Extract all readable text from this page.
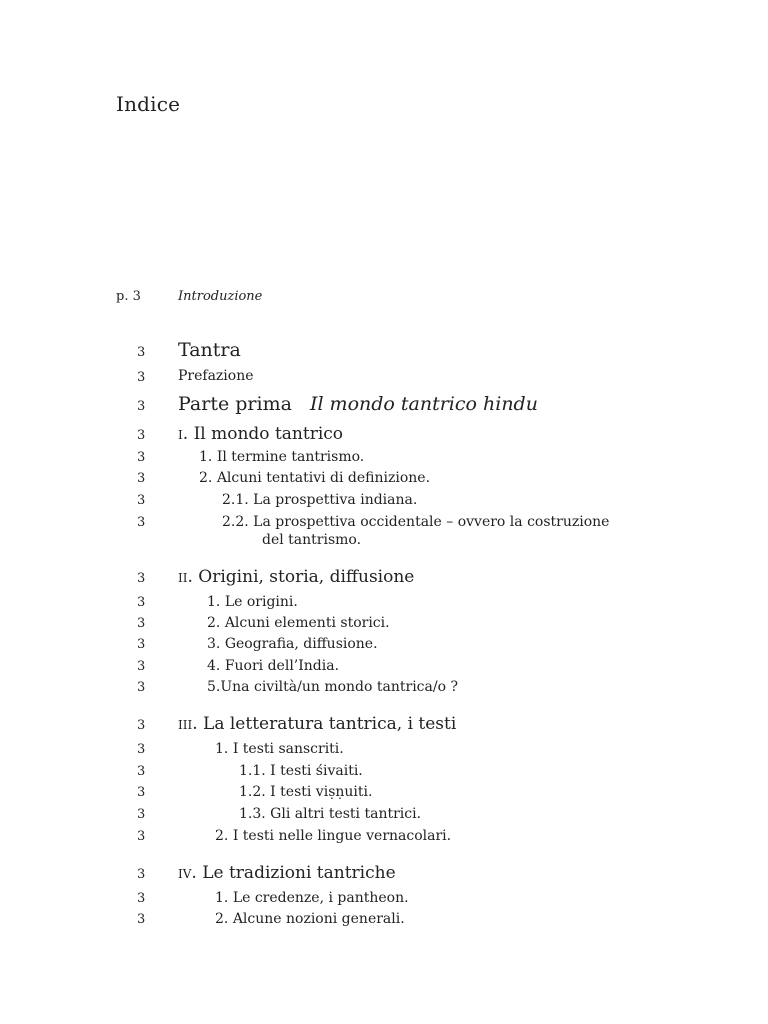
Indice
p. 3	Introduzione
3 Tantra
3 Prefazione
3 Parte prima Il mondo tantrico hindu
3 i. Il mondo tantrico
3	1. Il termine tantrismo.
3	2. Alcuni tentativi di definizione.
3	2.1. La prospettiva indiana.
3	2.2. La prospettiva occidentale – ovvero la costruzione
del tantrismo.
3 ii. Origini, storia, diffusione
3	1. Le origini.
3	2. Alcuni elementi storici.
3	3. Geografia, diffusione.
3	4. Fuori dell’India.
3	5.Una civiltà/un mondo tantrica/o ?
3 iii. La letteratura tantrica, i testi
3	1. I testi sanscriti.
3	1.1. I testi śivaiti.
3	1.2. I testi viṣṇuiti.
3	1.3. Gli altri testi tantrici.
3	2. I testi nelle lingue vernacolari.
3 iv. Le tradizioni tantriche
3	1. Le credenze, i pantheon.
3	2. Alcune nozioni generali.
